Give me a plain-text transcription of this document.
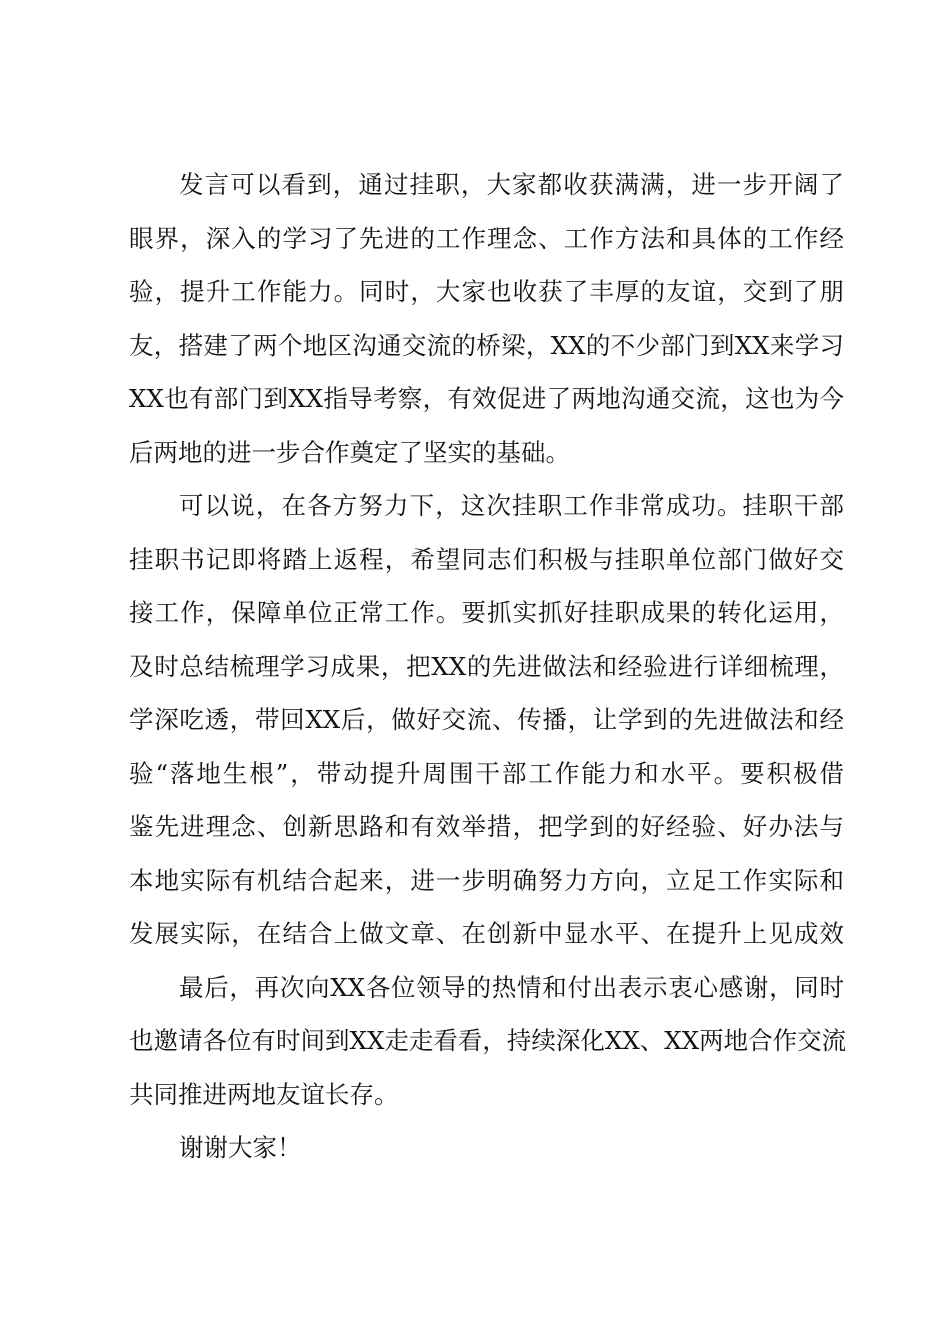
发言可以看到，通过挂职，大家都收获满满，进一步开阔了
眼界，深入的学习了先进的工作理念、工作方法和具体的工作经
验，提升工作能力。同时，大家也收获了丰厚的友谊，交到了朋
友，搭建了两个地区沟通交流的桥梁，XX的不少部门到XX来学习
XX也有部门到XX指导考察，有效促进了两地沟通交流，这也为今
后两地的进一步合作奠定了坚实的基础。
可以说，在各方努力下，这次挂职工作非常成功。挂职干部
挂职书记即将踏上返程，希望同志们积极与挂职单位部门做好交
接工作，保障单位正常工作。要抓实抓好挂职成果的转化运用，
及时总结梳理学习成果，把XX的先进做法和经验进行详细梳理，
学深吃透，带回XX后，做好交流、传播，让学到的先进做法和经
验“落地生根”，带动提升周围干部工作能力和水平。要积极借
鉴先进理念、创新思路和有效举措，把学到的好经验、好办法与
本地实际有机结合起来，进一步明确努力方向，立足工作实际和
发展实际，在结合上做文章、在创新中显水平、在提升上见成效
最后，再次向XX各位领导的热情和付出表示衷心感谢，同时
也邀请各位有时间到XX走走看看，持续深化XX、XX两地合作交流
共同推进两地友谊长存。
谢谢大家！
